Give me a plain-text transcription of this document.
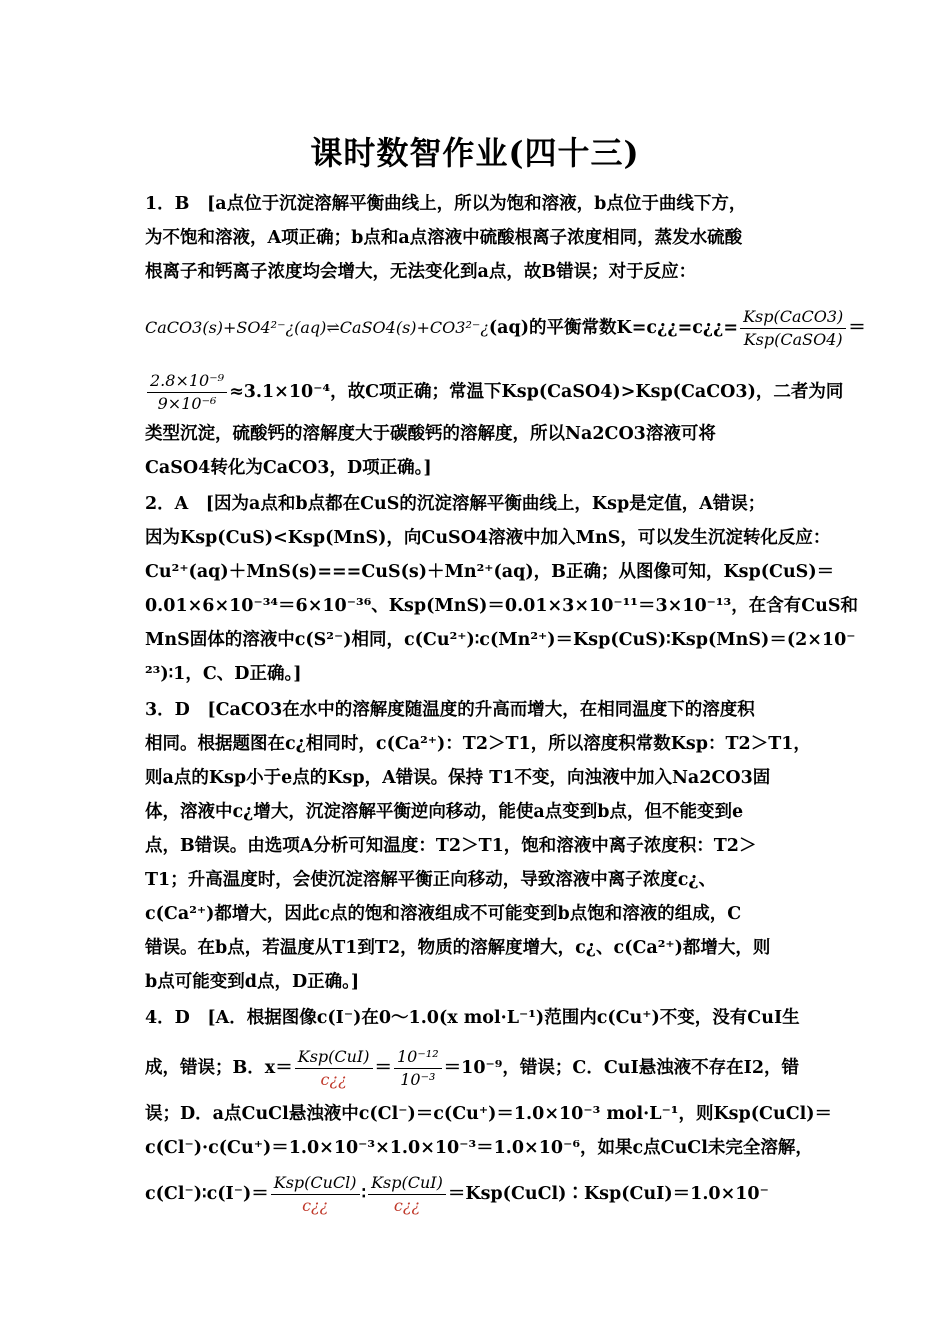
课时数智作业(四十三)
1．B　[a点位于沉淀溶解平衡曲线上，所以为饱和溶液，b点位于曲线下方，
为不饱和溶液，A项正确；b点和a点溶液中硫酸根离子浓度相同，蒸发水硫酸
根离子和钙离子浓度均会增大，无法变化到a点，故B错误；对于反应：
CaCO3(s)+SO4²⁻¿(aq)⇌CaSO4(s)+CO3²⁻¿(aq)的平衡常数K=c¿¿=c¿¿= $\frac{\text{Ksp(CaCO3)}}{\text{Ksp(CaSO4)}}$ ＝
$\frac{\text{2.8×10⁻⁹}}{\text{9×10⁻⁶}} \approx 3.1\times 10^{-4}$，故C项正确；常温下Ksp(CaSO4)>Ksp(CaCO3)，二者为同
类型沉淀，硫酸钙的溶解度大于碳酸钙的溶解度，所以Na2CO3溶液可将
CaSO4转化为CaCO3，D项正确。]
2．A　[因为a点和b点都在CuS的沉淀溶解平衡曲线上，Ksp是定值，A错误；
因为Ksp(CuS)<Ksp(MnS)，向CuSO4溶液中加入MnS，可以发生沉淀转化反应：
Cu²⁺(aq)＋MnS(s)===CuS(s)＋Mn²⁺(aq)，B正确；从图像可知，Ksp(CuS)＝
0.01×6×10⁻³⁴＝6×10⁻³⁶、Ksp(MnS)＝0.01×3×10⁻¹¹＝3×10⁻¹³，在含有CuS和
MnS固体的溶液中c(S²⁻)相同，c(Cu²⁺)∶c(Mn²⁺)＝Ksp(CuS)∶Ksp(MnS)＝(2×10⁻
²³)∶1，C、D正确。]
3．D　[CaCO3在水中的溶解度随温度的升高而增大，在相同温度下的溶度积
相同。根据题图在c¿相同时，c(Ca²⁺)：T2＞T1，所以溶度积常数Ksp：T2＞T1，
则a点的Ksp小于e点的Ksp，A错误。保持 T1不变，向浊液中加入Na2CO3固
体，溶液中c¿增大，沉淀溶解平衡逆向移动，能使a点变到b点，但不能变到e
点，B错误。由选项A分析可知温度：T2＞T1，饱和溶液中离子浓度积：T2＞
T1；升高温度时，会使沉淀溶解平衡正向移动，导致溶液中离子浓度c¿、
c(Ca²⁺)都增大，因此c点的饱和溶液组成不可能变到b点饱和溶液的组成，C
错误。在b点，若温度从T1到T2，物质的溶解度增大，c¿、c(Ca²⁺)都增大，则
b点可能变到d点，D正确。]
4．D　[A．根据图像c(I⁻)在0～1.0(x mol·L⁻¹)范围内c(Cu⁺)不变，没有CuI生
成，错误；B．$x= \frac{\text{Ksp(CuI)}}{c¿¿} = \frac{\text{10⁻¹²}}{\text{10⁻³}} =10^{-9}$，错误；C．CuI悬浊液不存在I2，错
误；D．a点CuCl悬浊液中c(Cl⁻)＝c(Cu⁺)＝1.0×10⁻³ mol·L⁻¹，则Ksp(CuCl)＝
c(Cl⁻)·c(Cu⁺)＝1.0×10⁻³×1.0×10⁻³＝1.0×10⁻⁶，如果c点CuCl未完全溶解，
c(Cl⁻)∶c(I⁻)＝ $\frac{\text{Ksp(CuCl)}}{c¿¿}$ ∶ $\frac{\text{Ksp(CuI)}}{c¿¿}$ ＝Ksp(CuCl)∶Ksp(CuI)＝1.0×10⁻
